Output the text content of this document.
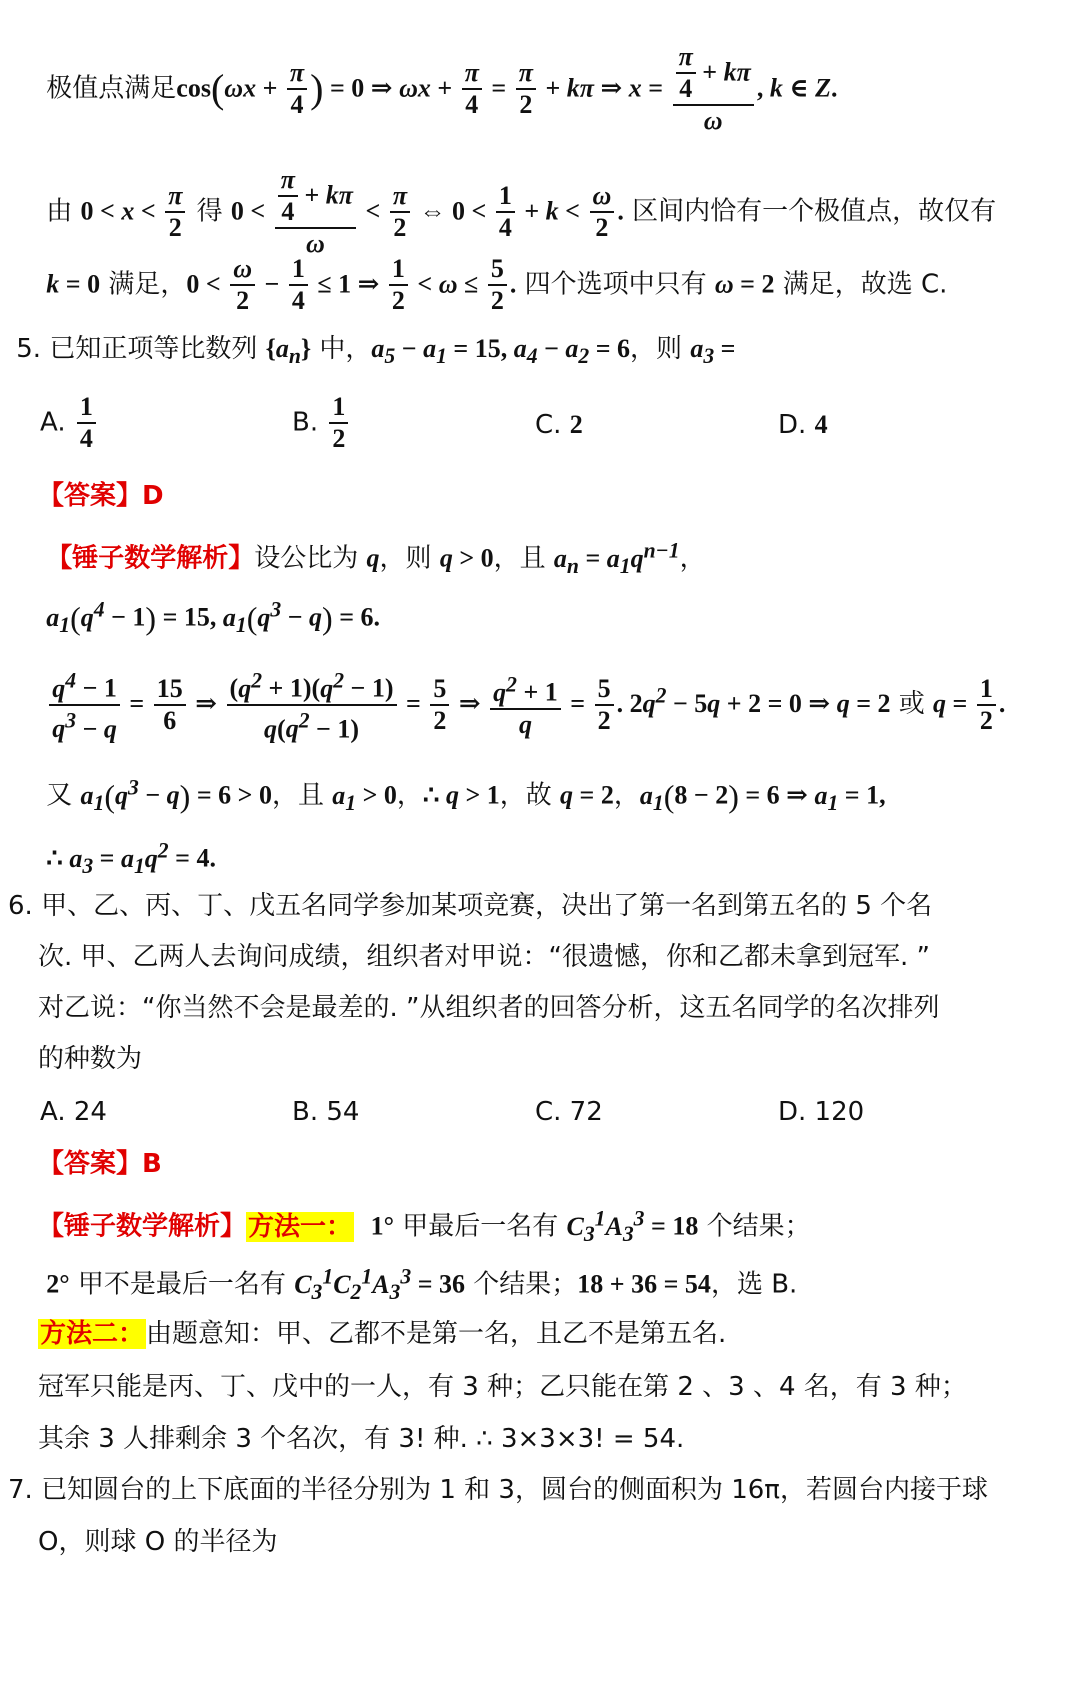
极值点满足$\cos(\omega x + \frac{\pi}{4}$ ) = 0 ⇒ $\omega x + \frac{\pi}{4} = \frac{\pi}{2} + k\pi$ ⇒ $x = \frac{\frac{\pi}{4} + k\pi}{\omega}$ , k ∈ Z.
由 $0 < x < \frac{\pi}{2}$ 得 $0 < \frac{\frac{\pi}{4} + k\pi}{\omega} < \frac{\pi}{2}$ ⇔ $0 < \frac{1}{4} + k < \frac{\omega}{2}$ . 区间内恰有一个极值点，故仅有
k = 0 满足，$0 < \frac{\omega}{2} - \frac{1}{4} \le 1$ ⇒ $\frac{1}{2} < \omega \le \frac{5}{2}$ . 四个选项中只有 ω = 2 满足，故选 C.
5. 已知正项等比数列 $\{a_n\}$ 中，$a_5 - a_1 = 15$, $a_4 - a_2 = 6$，则 $a_3$ =
A. $\frac{1}{4}$	B. $\frac{1}{2}$	C. 2	D. 4
【答案】D
【锤子数学解析】设公比为 q，则 q > 0，且 $a_n = a_1q^{n-1}$，
$a_1(q^4 - 1) = 15$, $a_1(q^3 - q) = 6$.
$\frac{q^4 - 1}{q^3 - q} = \frac{15}{6}$ ⇒ $\frac{(q^2 + 1)(q^2 - 1)}{q(q^2 - 1)} = \frac{5}{2}$ ⇒ $\frac{q^2 + 1}{q} = \frac{5}{2}$ . $2q^2 - 5q + 2 = 0$ ⇒ q = 2 或 $q = \frac{1}{2}$ .
又 $a_1(q^3 - q) = 6 > 0$，且 $a_1 > 0$，∴ q > 1，故 q = 2，$a_1(8 - 2) = 6$ ⇒ $a_1 = 1$,
∴ $a_3 = a_1q^2 = 4$.
6. 甲、乙、丙、丁、戊五名同学参加某项竞赛，决出了第一名到第五名的 5 个名
次. 甲、乙两人去询问成绩，组织者对甲说：“很遗憾，你和乙都未拿到冠军. ”
对乙说：“你当然不会是最差的. ”从组织者的回答分析，这五名同学的名次排列
的种数为
A. 24	B. 54	C. 72	D. 120
【答案】B
【锤子数学解析】方法一： 1° 甲最后一名有 $C_3^1A_3^3 = 18$ 个结果；
2° 甲不是最后一名有 $C_3^1C_2^1A_3^3 = 36$ 个结果；18 + 36 = 54，选 B.
方法二：由题意知：甲、乙都不是第一名，且乙不是第五名.
冠军只能是丙、丁、戊中的一人，有 3 种；乙只能在第 2 、3 、4 名，有 3 种；
其余 3 人排剩余 3 个名次，有 3! 种. ∴ 3×3×3! = 54.
7. 已知圆台的上下底面的半径分别为 1 和 3，圆台的侧面积为 16π，若圆台内接于球
O，则球 O 的半径为
